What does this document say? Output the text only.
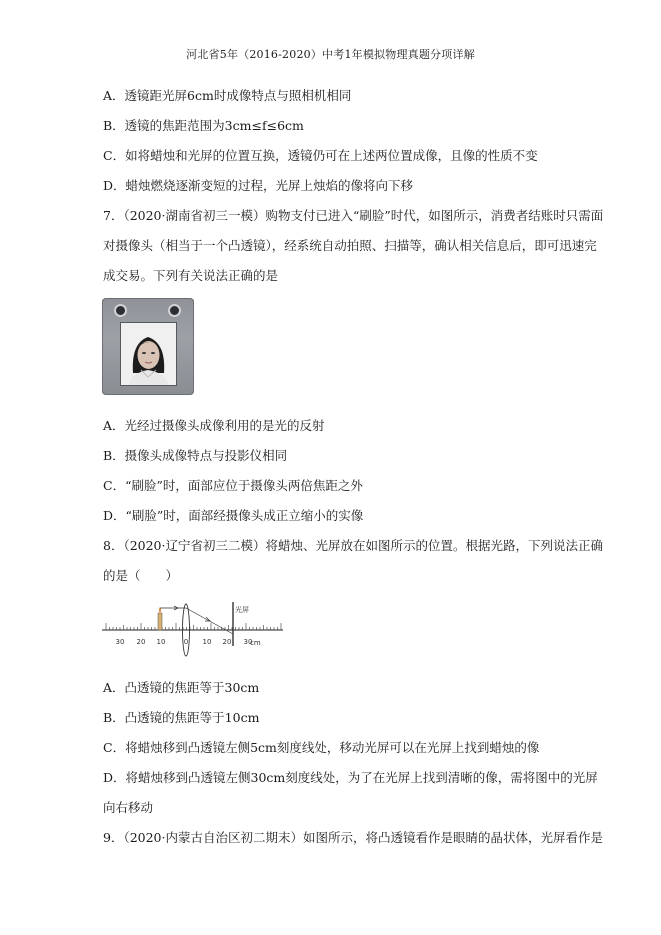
河北省5年（2016-2020）中考1年模拟物理真题分项详解
A．透镜距光屏6cm时成像特点与照相机相同
B．透镜的焦距范围为3cm≤f≤6cm
C．如将蜡烛和光屏的位置互换，透镜仍可在上述两位置成像，且像的性质不变
D．蜡烛燃烧逐渐变短的过程，光屏上烛焰的像将向下移
7．（2020·湖南省初三一模）购物支付已进入“刷脸”时代，如图所示，消费者结账时只需面
对摄像头（相当于一个凸透镜），经系统自动拍照、扫描等，确认相关信息后，即可迅速完
成交易。下列有关说法正确的是
A．光经过摄像头成像利用的是光的反射
B．摄像头成像特点与投影仪相同
C．“刷脸”时，面部应位于摄像头两倍焦距之外
D．“刷脸”时，面部经摄像头成正立缩小的实像
8．（2020·辽宁省初三二模）将蜡烛、光屏放在如图所示的位置。根据光路，下列说法正确
的是（　　）
光屏
cm
30 20 10	0 10 20 30
A．凸透镜的焦距等于30cm
B．凸透镜的焦距等于10cm
C．将蜡烛移到凸透镜左侧5cm刻度线处，移动光屏可以在光屏上找到蜡烛的像
D．将蜡烛移到凸透镜左侧30cm刻度线处，为了在光屏上找到清晰的像，需将图中的光屏
向右移动
9．（2020·内蒙古自治区初二期末）如图所示，将凸透镜看作是眼睛的晶状体，光屏看作是
